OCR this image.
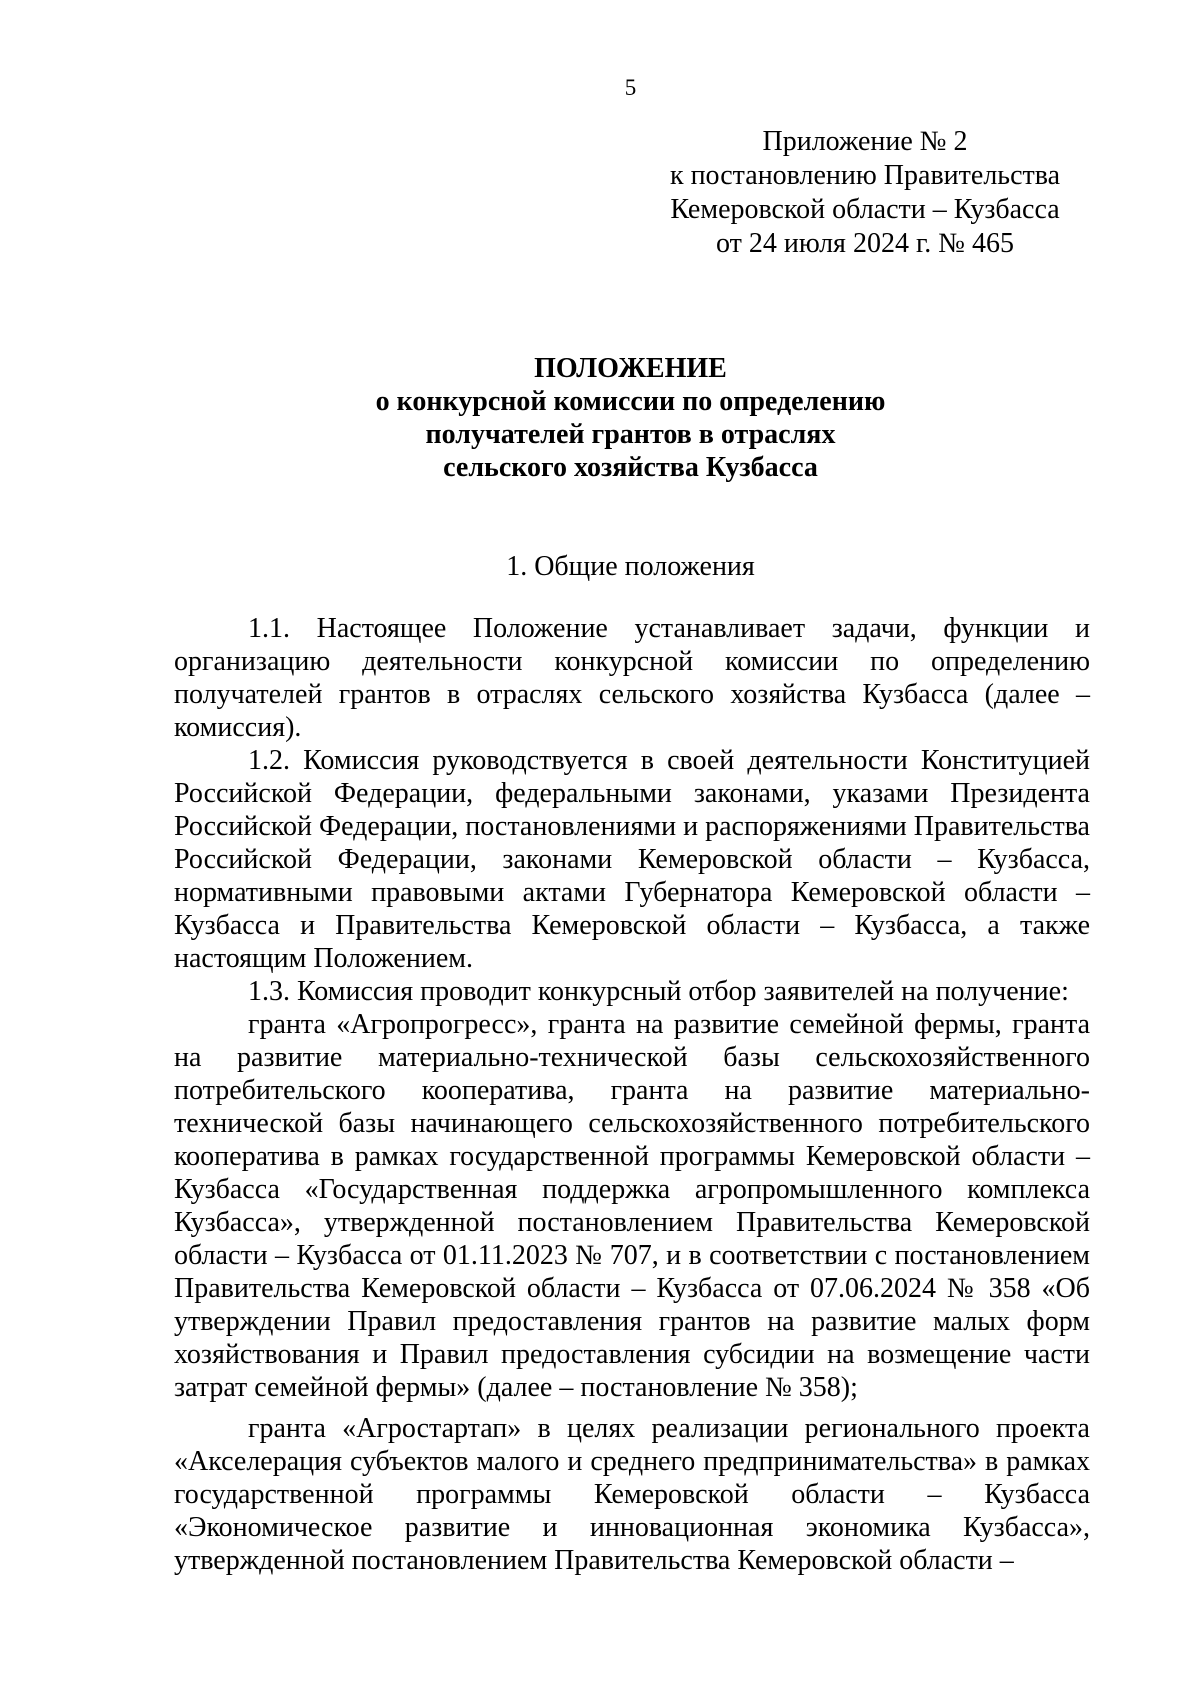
5
Приложение № 2
к постановлению Правительства
Кемеровской области – Кузбасса
от 24 июля 2024 г. № 465
ПОЛОЖЕНИЕ
о конкурсной комиссии по определению
получателей грантов в отраслях
сельского хозяйства Кузбасса
1. Общие положения

1.1. Настоящее Положение устанавливает задачи, функции и организацию деятельности конкурсной комиссии по определению получателей грантов в отраслях сельского хозяйства Кузбасса (далее – комиссия).

1.2. Комиссия руководствуется в своей деятельности Конституцией Российской Федерации, федеральными законами, указами Президента Российской Федерации, постановлениями и распоряжениями Правительства Российской Федерации, законами Кемеровской области – Кузбасса, нормативными правовыми актами Губернатора Кемеровской области – Кузбасса и Правительства Кемеровской области – Кузбасса, а также настоящим Положением.

1.3. Комиссия проводит конкурсный отбор заявителей на получение:

гранта «Агропрогресс», гранта на развитие семейной фермы, гранта на развитие материально-технической базы сельскохозяйственного потребительского кооператива, гранта на развитие материально-технической базы начинающего сельскохозяйственного потребительского кооператива в рамках государственной программы Кемеровской области – Кузбасса «Государственная поддержка агропромышленного комплекса Кузбасса», утвержденной постановлением Правительства Кемеровской области – Кузбасса от 01.11.2023 № 707, и в соответствии с постановлением Правительства Кемеровской области – Кузбасса от 07.06.2024 № 358 «Об утверждении Правил предоставления грантов на развитие малых форм хозяйствования и Правил предоставления субсидии на возмещение части затрат семейной фермы» (далее – постановление № 358);

гранта «Агростартап» в целях реализации регионального проекта «Акселерация субъектов малого и среднего предпринимательства» в рамках государственной программы Кемеровской области – Кузбасса «Экономическое развитие и инновационная экономика Кузбасса», утвержденной постановлением Правительства Кемеровской области –
